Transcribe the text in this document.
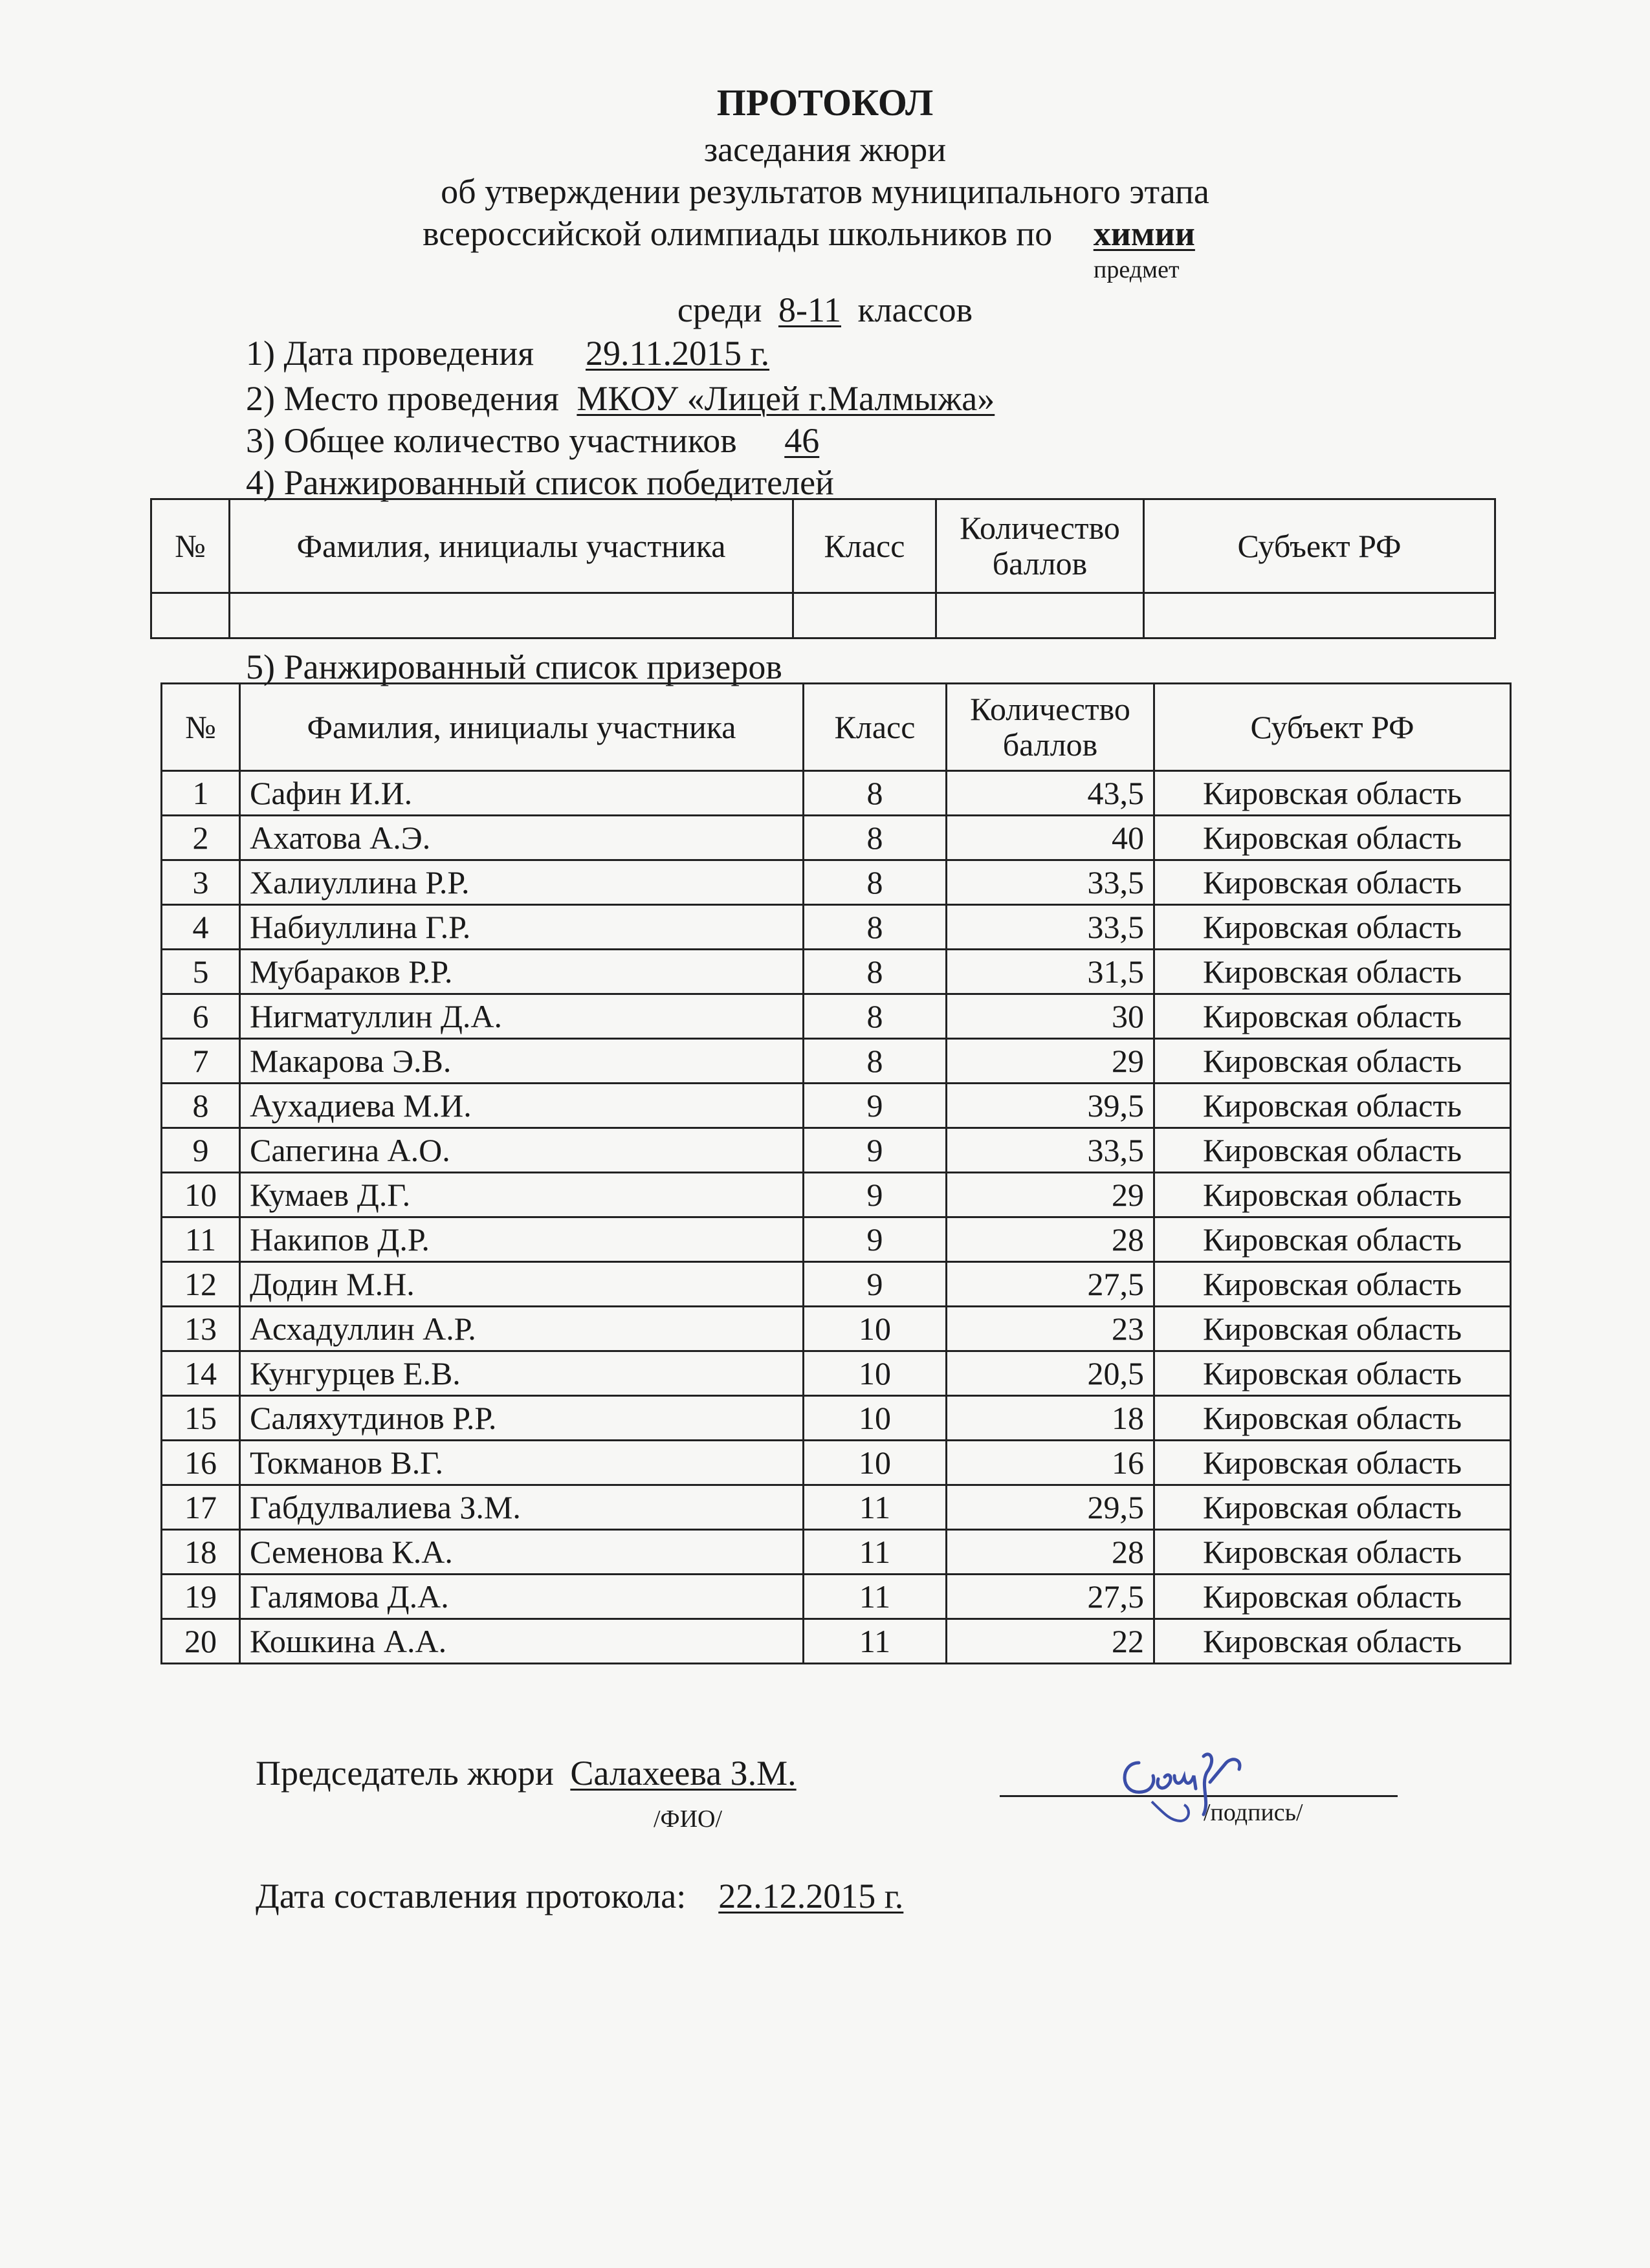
ПРОТОКОЛ
заседания жюри
об утверждении результатов муниципального этапа
всероссийской олимпиады школьников по химии
предмет
среди 8-11 классов
1) Дата проведения 29.11.2015 г.
2) Место проведения МКОУ «Лицей г.Малмыжа»
3) Общее количество участников 46
4) Ранжированный список победителей
№	Фамилия, инициалы участника	Класс	Количество
баллов	Субъект РФ

5) Ранжированный список призеров
№	Фамилия, инициалы участника	Класс	Количество
баллов	Субъект РФ
1	Сафин И.И.	8	43,5	Кировская область
2	Ахатова А.Э.	8	40	Кировская область
3	Халиуллина Р.Р.	8	33,5	Кировская область
4	Набиуллина Г.Р.	8	33,5	Кировская область
5	Мубараков Р.Р.	8	31,5	Кировская область
6	Нигматуллин Д.А.	8	30	Кировская область
7	Макарова Э.В.	8	29	Кировская область
8	Аухадиева М.И.	9	39,5	Кировская область
9	Сапегина А.О.	9	33,5	Кировская область
10	Кумаев Д.Г.	9	29	Кировская область
11	Накипов Д.Р.	9	28	Кировская область
12	Додин М.Н.	9	27,5	Кировская область
13	Асхадуллин А.Р.	10	23	Кировская область
14	Кунгурцев Е.В.	10	20,5	Кировская область
15	Саляхутдинов Р.Р.	10	18	Кировская область
16	Токманов В.Г.	10	16	Кировская область
17	Габдулвалиева З.М.	11	29,5	Кировская область
18	Семенова К.А.	11	28	Кировская область
19	Галямова Д.А.	11	27,5	Кировская область
20	Кошкина А.А.	11	22	Кировская область
Председатель жюри Салахеева З.М.
/ФИО/	/подпись/
Дата составления протокола: 22.12.2015 г.
